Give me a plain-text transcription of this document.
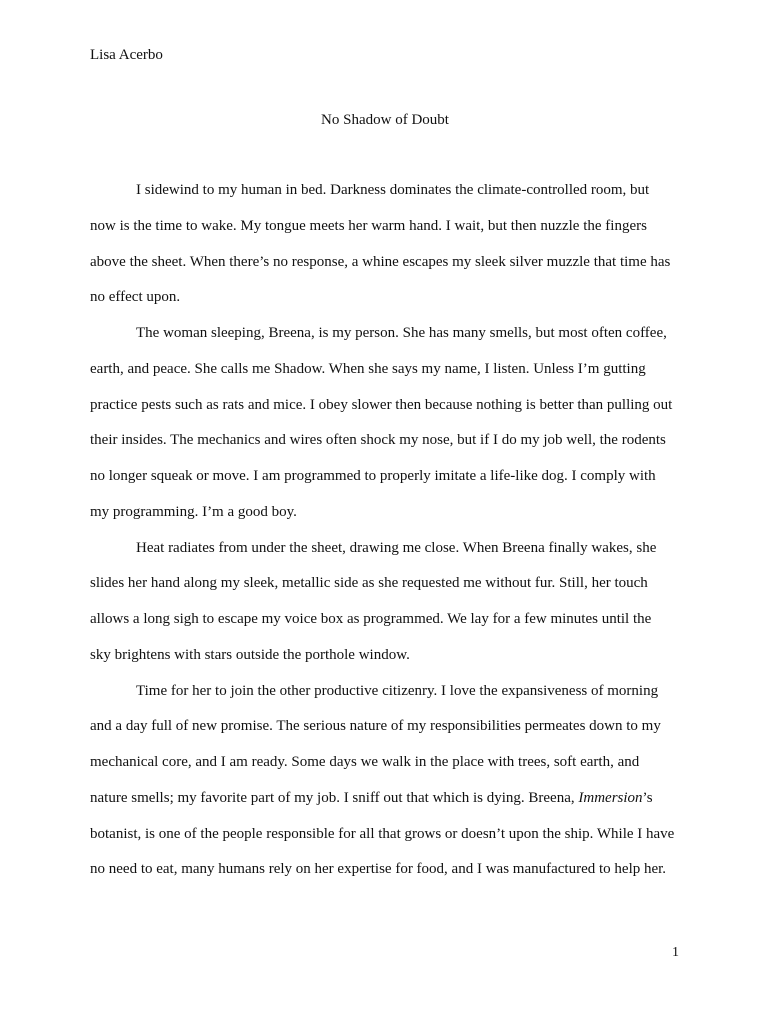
Lisa Acerbo
No Shadow of Doubt
I sidewind to my human in bed. Darkness dominates the climate-controlled room, but
now is the time to wake. My tongue meets her warm hand. I wait, but then nuzzle the fingers
above the sheet. When there’s no response, a whine escapes my sleek silver muzzle that time has
no effect upon.
The woman sleeping, Breena, is my person. She has many smells, but most often coffee,
earth, and peace. She calls me Shadow. When she says my name, I listen. Unless I’m gutting
practice pests such as rats and mice. I obey slower then because nothing is better than pulling out
their insides. The mechanics and wires often shock my nose, but if I do my job well, the rodents
no longer squeak or move. I am programmed to properly imitate a life-like dog. I comply with
my programming. I’m a good boy.
Heat radiates from under the sheet, drawing me close. When Breena finally wakes, she
slides her hand along my sleek, metallic side as she requested me without fur. Still, her touch
allows a long sigh to escape my voice box as programmed. We lay for a few minutes until the
sky brightens with stars outside the porthole window.
Time for her to join the other productive citizenry. I love the expansiveness of morning
and a day full of new promise. The serious nature of my responsibilities permeates down to my
mechanical core, and I am ready. Some days we walk in the place with trees, soft earth, and
nature smells; my favorite part of my job. I sniff out that which is dying. Breena, Immersion’s
botanist, is one of the people responsible for all that grows or doesn’t upon the ship. While I have
no need to eat, many humans rely on her expertise for food, and I was manufactured to help her.
1
